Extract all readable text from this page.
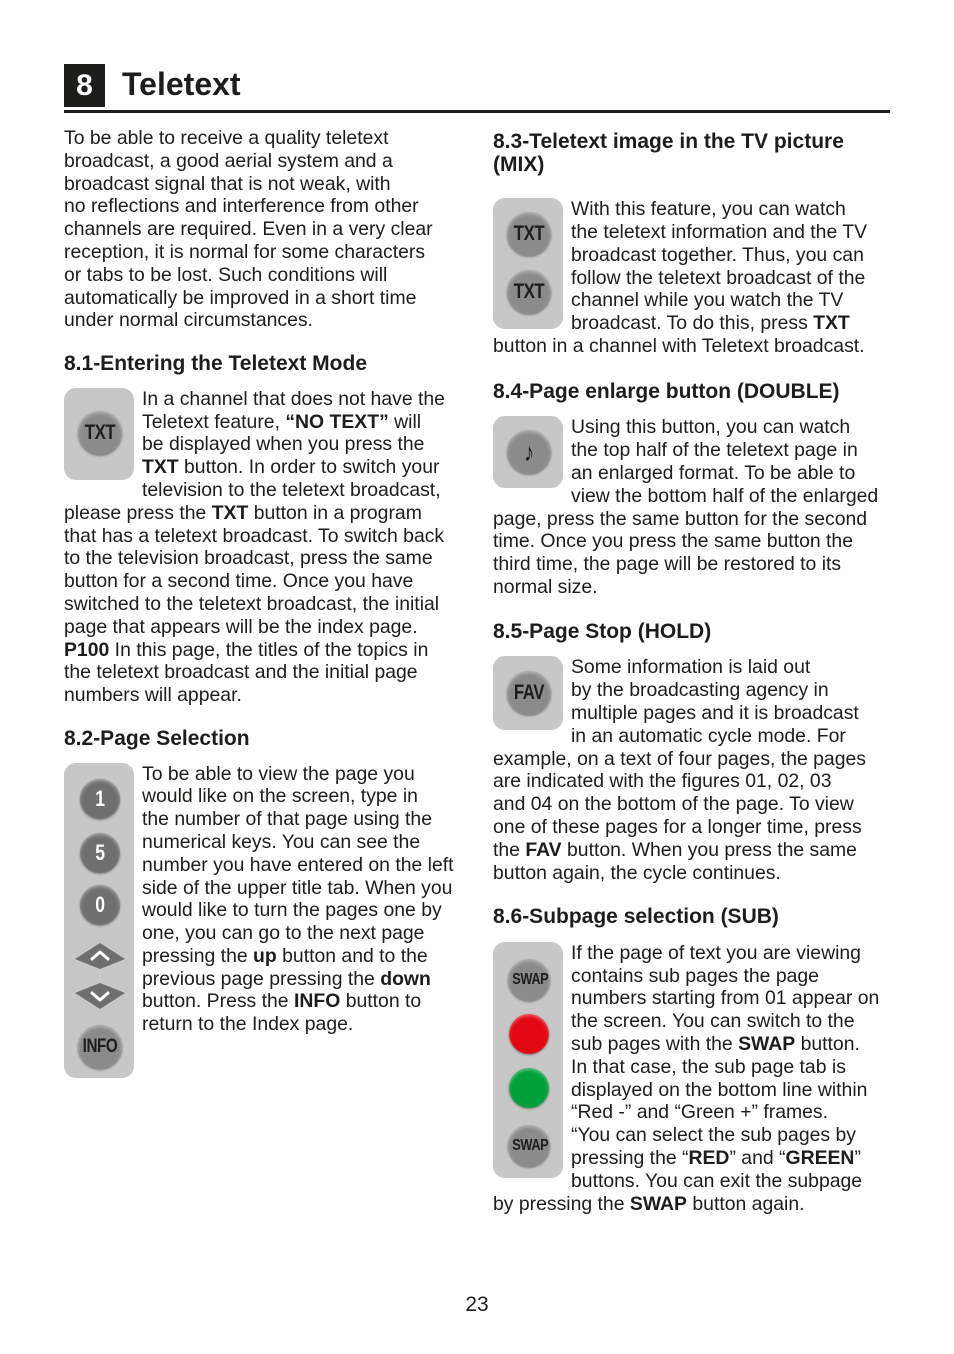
8 Teletext

To be able to receive a quality teletext

broadcast, a good aerial system and a

broadcast signal that is not weak, with

no reflections and interference from other

channels are required. Even in a very clear

reception, it is normal for some characters

or tabs to be lost. Such conditions will

automatically be improved in a short time

under normal circumstances.

8.1-Entering the Teletext Mode
TXT

In a channel that does not have the

Teletext feature, “NO TEXT” will

be displayed when you press the

TXT button. In order to switch your

television to the teletext broadcast,

please press the TXT button in a program

that has a teletext broadcast. To switch back

to the television broadcast, press the same

button for a second time. Once you have

switched to the teletext broadcast, the initial

page that appears will be the index page.

P100 In this page, the titles of the topics in

the teletext broadcast and the initial page

numbers will appear.

8.2-Page Selection
1
5
0
INFO

To be able to view the page you

would like on the screen, type in

the number of that page using the

numerical keys. You can see the

number you have entered on the left

side of the upper title tab. When you

would like to turn the pages one by

one, you can go to the next page

pressing the up button and to the

previous page pressing the down

button. Press the INFO button to

return to the Index page.

8.3-Teletext image in the TV picture
(MIX)
TXT
TXT

With this feature, you can watch

the teletext information and the TV

broadcast together. Thus, you can

follow the teletext broadcast of the

channel while you watch the TV

broadcast. To do this, press TXT

button in a channel with Teletext broadcast.

8.4-Page enlarge button (DOUBLE)
♪

Using this button, you can watch

the top half of the teletext page in

an enlarged format. To be able to

view the bottom half of the enlarged

page, press the same button for the second

time. Once you press the same button the

third time, the page will be restored to its

normal size.

8.5-Page Stop (HOLD)
FAV

Some information is laid out

by the broadcasting agency in

multiple pages and it is broadcast

in an automatic cycle mode. For

example, on a text of four pages, the pages

are indicated with the figures 01, 02, 03

and 04 on the bottom of the page. To view

one of these pages for a longer time, press

the FAV button. When you press the same

button again, the cycle continues.

8.6-Subpage selection (SUB)
SWAP
SWAP

If the page of text you are viewing

contains sub pages the page

numbers starting from 01 appear on

the screen. You can switch to the

sub pages with the SWAP button.

In that case, the sub page tab is

displayed on the bottom line within

“Red -” and “Green +” frames.

“You can select the sub pages by

pressing the “RED” and “GREEN”

buttons. You can exit the subpage

by pressing the SWAP button again.

23
